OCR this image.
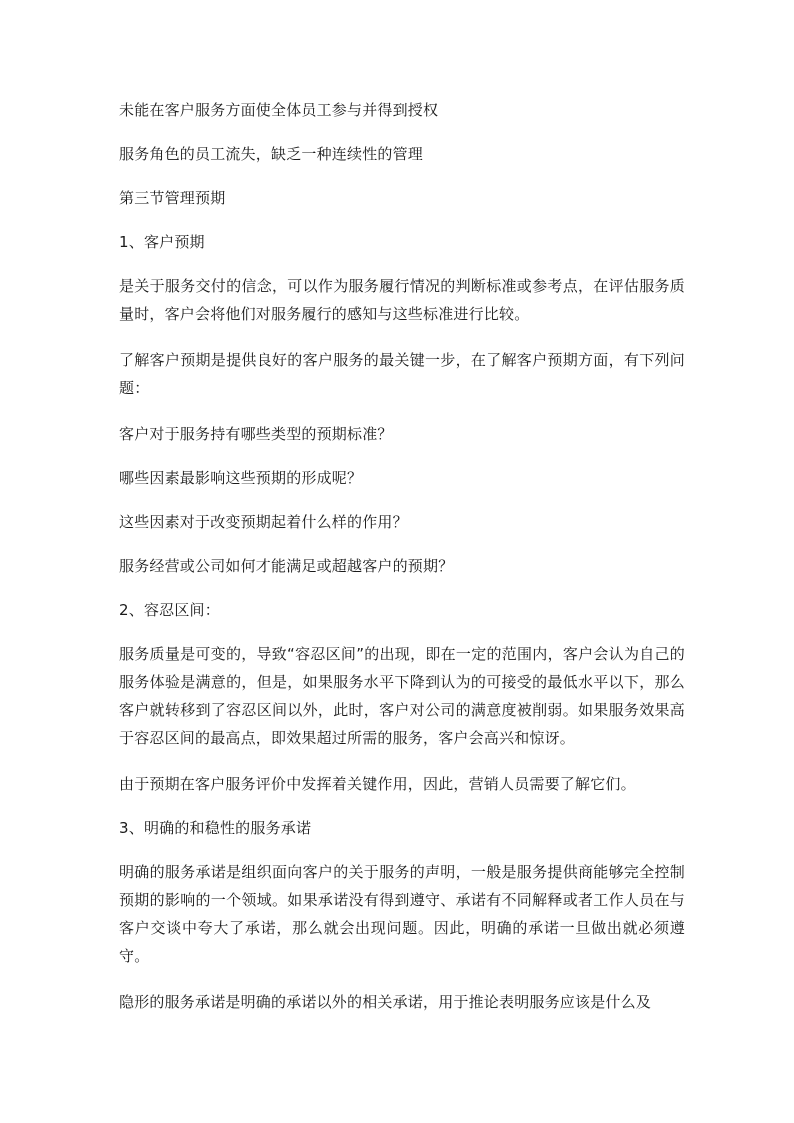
未能在客户服务方面使全体员工参与并得到授权

服务角色的员工流失，缺乏一种连续性的管理

第三节管理预期

1、客户预期

是关于服务交付的信念，可以作为服务履行情况的判断标准或参考点，在评估服务质量时，客户会将他们对服务履行的感知与这些标准进行比较。

了解客户预期是提供良好的客户服务的最关键一步，在了解客户预期方面，有下列问题：

客户对于服务持有哪些类型的预期标准？

哪些因素最影响这些预期的形成呢？

这些因素对于改变预期起着什么样的作用？

服务经营或公司如何才能满足或超越客户的预期？

2、容忍区间：

服务质量是可变的，导致“容忍区间”的出现，即在一定的范围内，客户会认为自己的服务体验是满意的，但是，如果服务水平下降到认为的可接受的最低水平以下，那么客户就转移到了容忍区间以外，此时，客户对公司的满意度被削弱。如果服务效果高于容忍区间的最高点，即效果超过所需的服务，客户会高兴和惊讶。

由于预期在客户服务评价中发挥着关键作用，因此，营销人员需要了解它们。

3、明确的和稳性的服务承诺

明确的服务承诺是组织面向客户的关于服务的声明，一般是服务提供商能够完全控制预期的影响的一个领域。如果承诺没有得到遵守、承诺有不同解释或者工作人员在与客户交谈中夸大了承诺，那么就会出现问题。因此，明确的承诺一旦做出就必须遵守。

隐形的服务承诺是明确的承诺以外的相关承诺，用于推论表明服务应该是什么及
